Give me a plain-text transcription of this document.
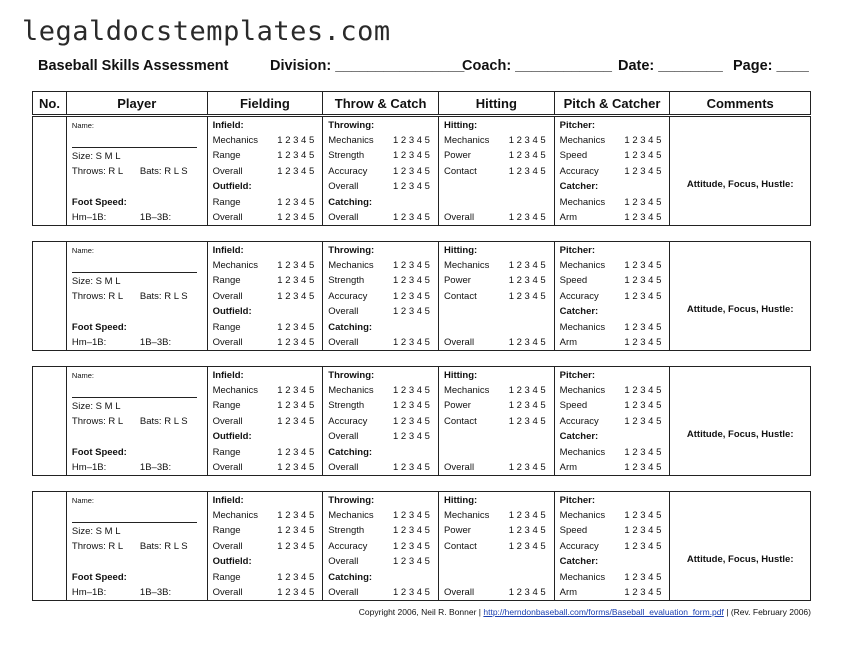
legaldocstemplates.com
Baseball Skills Assessment	Division: ________________
Coach: ____________ Date: ________ Page: ____
No.	Player	Fielding	Throw & Catch	Hitting	Pitch & Catcher	Comments
Name:
Size: S M L
Throws: R L Bats: R L S
Foot Speed:
Hm–1B:	1B–3B:
Infield:
Mechanics 1 2 3 4 5
Range	1 2 3 4 5
Overall	1 2 3 4 5
Outfield:
Range	1 2 3 4 5
Overall	1 2 3 4 5
Throwing:
Mechanics 1 2 3 4 5
Strength	1 2 3 4 5
Accuracy	1 2 3 4 5
Overall	1 2 3 4 5
Catching:
Overall	1 2 3 4 5
Hitting:
Mechanics 1 2 3 4 5
Power	1 2 3 4 5
Contact	1 2 3 4 5
Overall	1 2 3 4 5
Pitcher:
Mechanics 1 2 3 4 5
Speed	1 2 3 4 5
Accuracy	1 2 3 4 5
Catcher:
Mechanics 1 2 3 4 5
Arm	1 2 3 4 5
Attitude, Focus, Hustle:
Name:
Size: S M L
Throws: R L Bats: R L S
Foot Speed:
Hm–1B:	1B–3B:
Infield:
Mechanics 1 2 3 4 5
Range	1 2 3 4 5
Overall	1 2 3 4 5
Outfield:
Range	1 2 3 4 5
Overall	1 2 3 4 5
Throwing:
Mechanics 1 2 3 4 5
Strength	1 2 3 4 5
Accuracy	1 2 3 4 5
Overall	1 2 3 4 5
Catching:
Overall	1 2 3 4 5
Hitting:
Mechanics 1 2 3 4 5
Power	1 2 3 4 5
Contact	1 2 3 4 5
Overall	1 2 3 4 5
Pitcher:
Mechanics 1 2 3 4 5
Speed	1 2 3 4 5
Accuracy	1 2 3 4 5
Catcher:
Mechanics 1 2 3 4 5
Arm	1 2 3 4 5
Attitude, Focus, Hustle:
Name:
Size: S M L
Throws: R L Bats: R L S
Foot Speed:
Hm–1B:	1B–3B:
Infield:
Mechanics 1 2 3 4 5
Range	1 2 3 4 5
Overall	1 2 3 4 5
Outfield:
Range	1 2 3 4 5
Overall	1 2 3 4 5
Throwing:
Mechanics 1 2 3 4 5
Strength	1 2 3 4 5
Accuracy	1 2 3 4 5
Overall	1 2 3 4 5
Catching:
Overall	1 2 3 4 5
Hitting:
Mechanics 1 2 3 4 5
Power	1 2 3 4 5
Contact	1 2 3 4 5
Overall	1 2 3 4 5
Pitcher:
Mechanics 1 2 3 4 5
Speed	1 2 3 4 5
Accuracy	1 2 3 4 5
Catcher:
Mechanics 1 2 3 4 5
Arm	1 2 3 4 5
Attitude, Focus, Hustle:
Name:
Size: S M L
Throws: R L Bats: R L S
Foot Speed:
Hm–1B:	1B–3B:
Infield:
Mechanics 1 2 3 4 5
Range	1 2 3 4 5
Overall	1 2 3 4 5
Outfield:
Range	1 2 3 4 5
Overall	1 2 3 4 5
Throwing:
Mechanics 1 2 3 4 5
Strength	1 2 3 4 5
Accuracy	1 2 3 4 5
Overall	1 2 3 4 5
Catching:
Overall	1 2 3 4 5
Hitting:
Mechanics 1 2 3 4 5
Power	1 2 3 4 5
Contact	1 2 3 4 5
Overall	1 2 3 4 5
Pitcher:
Mechanics 1 2 3 4 5
Speed	1 2 3 4 5
Accuracy	1 2 3 4 5
Catcher:
Mechanics 1 2 3 4 5
Arm	1 2 3 4 5
Attitude, Focus, Hustle:
Copyright 2006, Neil R. Bonner | http://herndonbaseball.com/forms/Baseball_evaluation_form.pdf | (Rev. February 2006)
